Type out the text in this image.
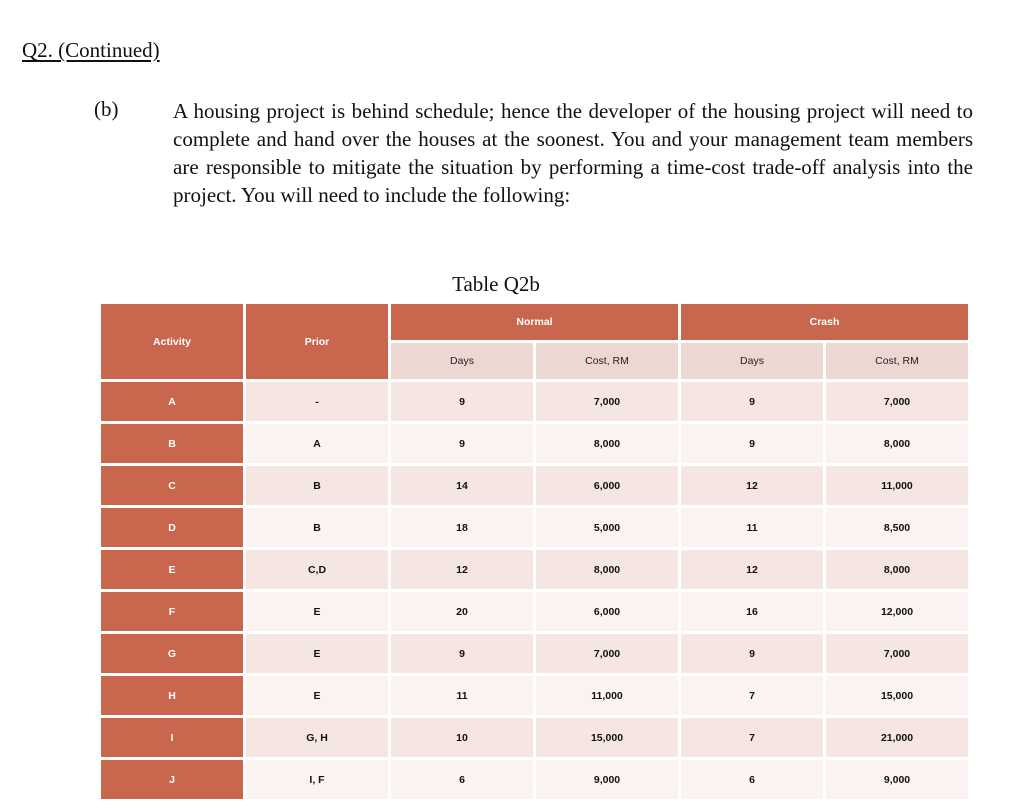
Q2. (Continued)
(b)	A housing project is behind schedule; hence the developer of the housing project will need to complete and hand over the houses at the soonest. You and your management team members are responsible to mitigate the situation by performing a time-cost trade-off analysis into the project. You will need to include the following:
Table Q2b
Activity	Prior	Normal		Crash	
		Days	Cost, RM	Days	Cost, RM
A	-	9	7,000	9	7,000
B	A	9	8,000	9	8,000
C	B	14	6,000	12	11,000
D	B	18	5,000	11	8,500
E	C,D	12	8,000	12	8,000
F	E	20	6,000	16	12,000
G	E	9	7,000	9	7,000
H	E	11	11,000	7	15,000
I	G, H	10	15,000	7	21,000
J	I, F	6	9,000	6	9,000
